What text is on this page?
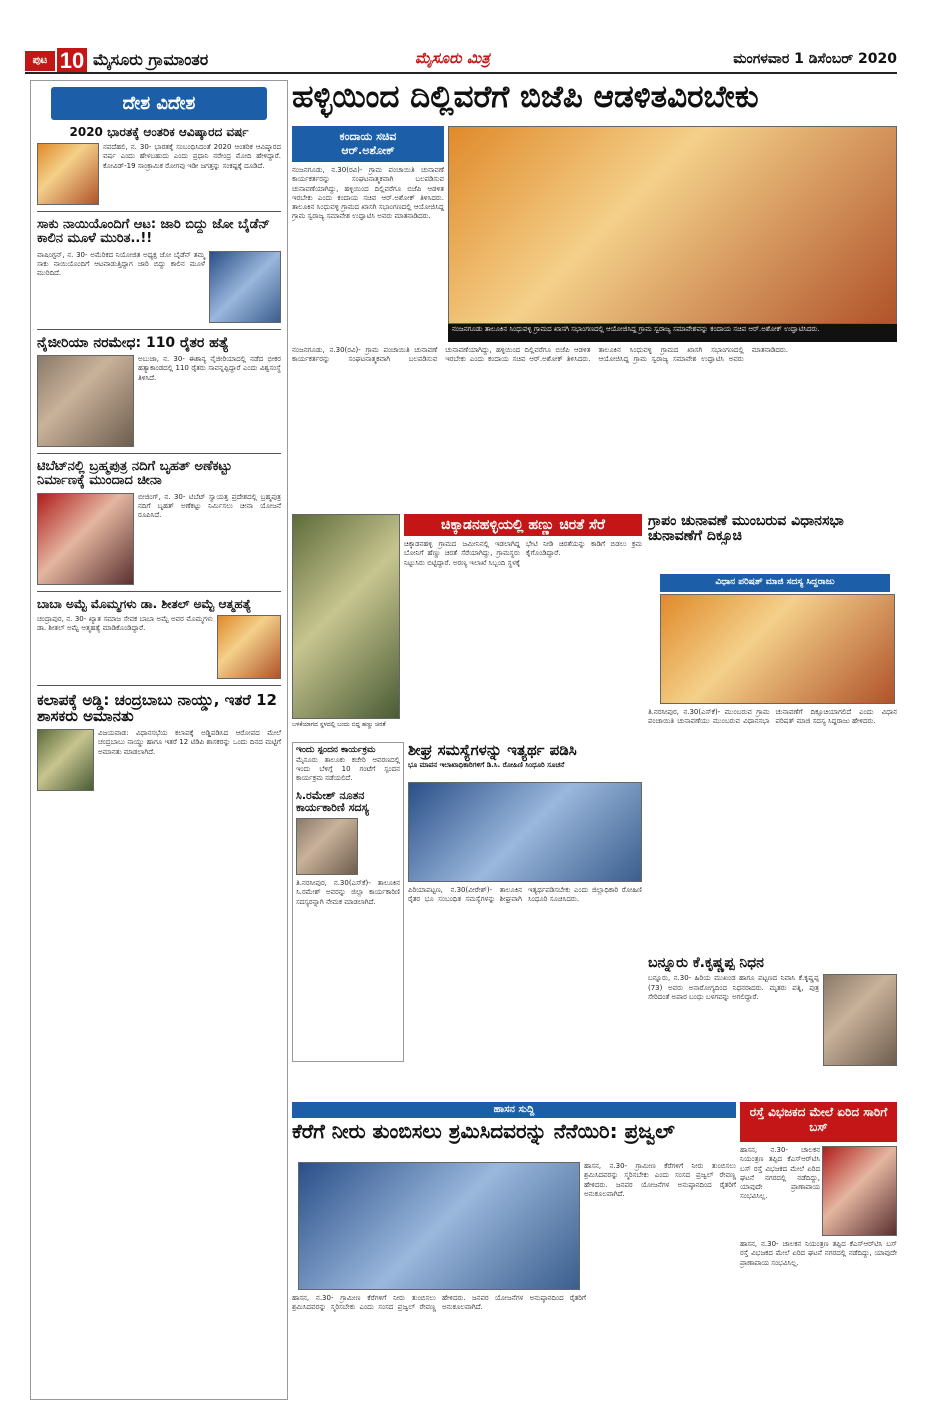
ಪುಟ 10 ಮೈಸೂರು ಗ್ರಾಮಾಂತರ	ಮೈಸೂರು ಮಿತ್ರ	ಮಂಗಳವಾರ 1 ಡಿಸೆಂಬರ್ 2020
ದೇಶ ವಿದೇಶ
2020 ಭಾರತಕ್ಕೆ ಆಂತರಿಕ ಆವಿಷ್ಕಾರದ ವರ್ಷ
ನವದೆಹಲಿ, ನ. 30- ಭಾರತಕ್ಕೆ ಸಂಬಂಧಿಸಿದಂತೆ 2020 ಆಂತರಿಕ ಆವಿಷ್ಕಾರದ ವರ್ಷ ಎಂದು ಹೇಳಬಹುದು ಎಂದು ಪ್ರಧಾನಿ ನರೇಂದ್ರ ಮೋದಿ ಹೇಳಿದ್ದಾರೆ. ಕೋವಿಡ್-19 ಸಾಂಕ್ರಾಮಿಕ ರೋಗವು ಇಡೀ ಜಗತ್ತನ್ನು ಸಂಕಷ್ಟಕ್ಕೆ ದೂಡಿದೆ.
ಸಾಕು ನಾಯಿಯೊಂದಿಗೆ ಆಟ: ಜಾರಿ ಬಿದ್ದು ಜೋ ಬೈಡೆನ್ ಕಾಲಿನ ಮೂಳೆ ಮುರಿತ..!!
ವಾಷಿಂಗ್ಟನ್, ನ. 30- ಅಮೆರಿಕದ ನಿಯೋಜಿತ ಅಧ್ಯಕ್ಷ ಜೋ ಬೈಡೆನ್ ತಮ್ಮ ಸಾಕು ನಾಯಿಯೊಂದಿಗೆ ಆಟವಾಡುತ್ತಿದ್ದಾಗ ಜಾರಿ ಬಿದ್ದು ಕಾಲಿನ ಮೂಳೆ ಮುರಿದಿದೆ.
ನೈಜೀರಿಯಾ ನರಮೇಧ: 110 ರೈತರ ಹತ್ಯೆ
ಅಬುಜಾ, ನ. 30- ಈಶಾನ್ಯ ನೈಜೀರಿಯಾದಲ್ಲಿ ನಡೆದ ಭೀಕರ ಹತ್ಯಾಕಾಂಡದಲ್ಲಿ 110 ರೈತರು ಸಾವನ್ನಪ್ಪಿದ್ದಾರೆ ಎಂದು ವಿಶ್ವಸಂಸ್ಥೆ ತಿಳಿಸಿದೆ.
ಟಿಬೆಟ್‌ನಲ್ಲಿ ಬ್ರಹ್ಮಪುತ್ರ ನದಿಗೆ ಬೃಹತ್ ಅಣೆಕಟ್ಟು ನಿರ್ಮಾಣಕ್ಕೆ ಮುಂದಾದ ಚೀನಾ
ಬೀಜಿಂಗ್, ನ. 30- ಟಿಬೆಟ್ ಸ್ವಾಯತ್ತ ಪ್ರದೇಶದಲ್ಲಿ ಬ್ರಹ್ಮಪುತ್ರ ನದಿಗೆ ಬೃಹತ್ ಅಣೆಕಟ್ಟು ನಿರ್ಮಿಸಲು ಚೀನಾ ಯೋಜನೆ ರೂಪಿಸಿದೆ.
ಬಾಬಾ ಅಮ್ಟೆ ಮೊಮ್ಮಗಳು ಡಾ. ಶೀತಲ್ ಅಮ್ಟೆ ಆತ್ಮಹತ್ಯೆ
ಚಂದ್ರಾಪುರ, ನ. 30- ಖ್ಯಾತ ಸಮಾಜ ಸೇವಕ ಬಾಬಾ ಅಮ್ಟೆ ಅವರ ಮೊಮ್ಮಗಳು ಡಾ. ಶೀತಲ್ ಅಮ್ಟೆ ಆತ್ಮಹತ್ಯೆ ಮಾಡಿಕೊಂಡಿದ್ದಾರೆ.
ಕಲಾಪಕ್ಕೆ ಅಡ್ಡಿ: ಚಂದ್ರಬಾಬು ನಾಯ್ಡು, ಇತರೆ 12 ಶಾಸಕರು ಅಮಾನತು
ವಿಜಯವಾಡ: ವಿಧಾನಸಭೆಯ ಕಲಾಪಕ್ಕೆ ಅಡ್ಡಿಪಡಿಸಿದ ಆರೋಪದ ಮೇಲೆ ಚಂದ್ರಬಾಬು ನಾಯ್ಡು ಹಾಗೂ ಇತರೆ 12 ಟಿಡಿಪಿ ಶಾಸಕರನ್ನು ಒಂದು ದಿನದ ಮಟ್ಟಿಗೆ ಅಮಾನತು ಮಾಡಲಾಗಿದೆ.
ಹಳ್ಳಿಯಿಂದ ದಿಲ್ಲಿವರೆಗೆ ಬಿಜೆಪಿ ಆಡಳಿತವಿರಬೇಕು
ಕಂದಾಯ ಸಚಿವ
ಆರ್.ಅಶೋಕ್
ನಂಜನಗೂಡು, ನ.30(ರವಿ)- ಗ್ರಾಮ ಪಂಚಾಯಿತಿ ಚುನಾವಣೆ ಕಾರ್ಯಕರ್ತರನ್ನು ಸಂಘಟನಾತ್ಮಕವಾಗಿ ಬಲಪಡಿಸುವ ಚುನಾವಣೆಯಾಗಿದ್ದು, ಹಳ್ಳಿಯಿಂದ ದಿಲ್ಲಿವರೆಗೂ ಬಿಜೆಪಿ ಆಡಳಿತ ಇರಬೇಕು ಎಂದು ಕಂದಾಯ ಸಚಿವ ಆರ್.ಅಶೋಕ್ ತಿಳಿಸಿದರು. ತಾಲೂಕಿನ ಸಿಂಧುವಳ್ಳಿ ಗ್ರಾಮದ ಖಾಸಗಿ ಸಭಾಂಗಣದಲ್ಲಿ ಆಯೋಜಿಸಿದ್ದ ಗ್ರಾಮ ಸ್ವರಾಜ್ಯ ಸಮಾವೇಶ ಉದ್ಘಾಟಿಸಿ ಅವರು ಮಾತನಾಡಿದರು.
ನಂಜನಗೂಡು ತಾಲೂಕಿನ ಸಿಂಧುವಳ್ಳಿ ಗ್ರಾಮದ ಖಾಸಗಿ ಸಭಾಂಗಣದಲ್ಲಿ ಆಯೋಜಿಸಿದ್ದ ಗ್ರಾಮ ಸ್ವರಾಜ್ಯ ಸಮಾವೇಶವನ್ನು ಕಂದಾಯ ಸಚಿವ ಆರ್.ಅಶೋಕ್ ಉದ್ಘಾಟಿಸಿದರು.
ನಂಜನಗೂಡು, ನ.30(ರವಿ)- ಗ್ರಾಮ ಪಂಚಾಯಿತಿ ಚುನಾವಣೆ ಕಾರ್ಯಕರ್ತರನ್ನು ಸಂಘಟನಾತ್ಮಕವಾಗಿ ಬಲಪಡಿಸುವ ಚುನಾವಣೆಯಾಗಿದ್ದು, ಹಳ್ಳಿಯಿಂದ ದಿಲ್ಲಿವರೆಗೂ ಬಿಜೆಪಿ ಆಡಳಿತ ಇರಬೇಕು ಎಂದು ಕಂದಾಯ ಸಚಿವ ಆರ್.ಅಶೋಕ್ ತಿಳಿಸಿದರು. ತಾಲೂಕಿನ ಸಿಂಧುವಳ್ಳಿ ಗ್ರಾಮದ ಖಾಸಗಿ ಸಭಾಂಗಣದಲ್ಲಿ ಆಯೋಜಿಸಿದ್ದ ಗ್ರಾಮ ಸ್ವರಾಜ್ಯ ಸಮಾವೇಶ ಉದ್ಘಾಟಿಸಿ ಅವರು ಮಾತನಾಡಿದರು.
ಬಳಕೆಯಾಗದ ಸ್ಥಳದಲ್ಲಿ ಬಂದು ಬಿದ್ದ ಹಣ್ಣು ಚಿರತೆ
ಚಿಕ್ಕಾಡನಹಳ್ಳಿಯಲ್ಲಿ ಹಣ್ಣು ಚಿರತೆ ಸೆರೆ
ಚಿಕ್ಕಾಡನಹಳ್ಳಿ ಗ್ರಾಮದ ಜಮೀನಿನಲ್ಲಿ ಇಡಲಾಗಿದ್ದ ಬೋನಿಗೆ ಹೆಣ್ಣು ಚಿರತೆ ಸೆರೆಯಾಗಿದ್ದು, ಗ್ರಾಮಸ್ಥರು ನಿಟ್ಟುಸಿರು ಬಿಟ್ಟಿದ್ದಾರೆ. ಅರಣ್ಯ ಇಲಾಖೆ ಸಿಬ್ಬಂದಿ ಸ್ಥಳಕ್ಕೆ ಭೇಟಿ ನೀಡಿ ಚಿರತೆಯನ್ನು ಕಾಡಿಗೆ ಬಿಡಲು ಕ್ರಮ ಕೈಗೊಂಡಿದ್ದಾರೆ.
ಗ್ರಾಪಂ ಚುನಾವಣೆ ಮುಂಬರುವ ವಿಧಾನಸಭಾ ಚುನಾವಣೆಗೆ ದಿಕ್ಸೂಚಿ
ವಿಧಾನ ಪರಿಷತ್ ಮಾಜಿ ಸದಸ್ಯ ಸಿದ್ದರಾಜು
ತಿ.ನರಸೀಪುರ, ನ.30(ಎಸ್‌ಕೆ)- ಮುಂಬರುವ ಗ್ರಾಮ ಪಂಚಾಯಿತಿ ಚುನಾವಣೆಯು ಮುಂಬರುವ ವಿಧಾನಸಭಾ ಚುನಾವಣೆಗೆ ದಿಕ್ಸೂಚಿಯಾಗಲಿದೆ ಎಂದು ವಿಧಾನ ಪರಿಷತ್ ಮಾಜಿ ಸದಸ್ಯ ಸಿದ್ದರಾಜು ಹೇಳಿದರು.
ಇಂದು ಸ್ಪಂದನ ಕಾರ್ಯಕ್ರಮ
ಮೈಸೂರು ತಾಲೂಕು ಕಚೇರಿ ಆವರಣದಲ್ಲಿ ಇಂದು ಬೆಳಿಗ್ಗೆ 10 ಗಂಟೆಗೆ ಸ್ಪಂದನ ಕಾರ್ಯಕ್ರಮ ನಡೆಯಲಿದೆ.
ಸಿ.ರಮೇಶ್ ನೂತನ ಕಾರ್ಯಕಾರಿಣಿ ಸದಸ್ಯ
ತಿ.ನರಸೀಪುರ, ನ.30(ಎಸ್‌ಕೆ)- ತಾಲೂಕಿನ ಸಿ.ರಮೇಶ್ ಅವರನ್ನು ಜಿಲ್ಲಾ ಕಾರ್ಯಕಾರಿಣಿ ಸದಸ್ಯರನ್ನಾಗಿ ನೇಮಕ ಮಾಡಲಾಗಿದೆ.
ಶೀಘ್ರ ಸಮಸ್ಯೆಗಳನ್ನು ಇತ್ಯರ್ಥ ಪಡಿಸಿ
ಭೂ ಮಾಪನ ಇಲಾಖಾಧಿಕಾರಿಗಳಿಗೆ ಡಿ.ಸಿ. ರೋಹಿಣಿ ಸಿಂಧೂರಿ ಸೂಚನೆ
ಪಿರಿಯಾಪಟ್ಟಣ, ನ.30(ವೀರೇಶ್)- ತಾಲೂಕಿನ ರೈತರ ಭೂ ಸಂಬಂಧಿತ ಸಮಸ್ಯೆಗಳನ್ನು ಶೀಘ್ರವಾಗಿ ಇತ್ಯರ್ಥಪಡಿಸಬೇಕು ಎಂದು ಜಿಲ್ಲಾಧಿಕಾರಿ ರೋಹಿಣಿ ಸಿಂಧೂರಿ ಸೂಚಿಸಿದರು.
ಬನ್ನೂರು ಕೆ.ಕೃಷ್ಣಪ್ಪ ನಿಧನ
ಬನ್ನೂರು, ನ.30- ಹಿರಿಯ ಮುಖಂಡ ಹಾಗೂ ಪಟ್ಟಣದ ನಿವಾಸಿ ಕೆ.ಕೃಷ್ಣಪ್ಪ (73) ಅವರು ಅನಾರೋಗ್ಯದಿಂದ ನಿಧನರಾದರು. ಮೃತರು ಪತ್ನಿ, ಪುತ್ರ ಸೇರಿದಂತೆ ಅಪಾರ ಬಂಧು ಬಳಗವನ್ನು ಅಗಲಿದ್ದಾರೆ.
ಹಾಸನ ಸುದ್ದಿ
ಕೆರೆಗೆ ನೀರು ತುಂಬಿಸಲು ಶ್ರಮಿಸಿದವರನ್ನು ನೆನೆಯಿರಿ: ಪ್ರಜ್ವಲ್
ಹಾಸನ, ನ.30- ಗ್ರಾಮೀಣ ಕೆರೆಗಳಿಗೆ ನೀರು ತುಂಬಿಸಲು ಶ್ರಮಿಸಿದವರನ್ನು ಸ್ಮರಿಸಬೇಕು ಎಂದು ಸಂಸದ ಪ್ರಜ್ವಲ್ ರೇವಣ್ಣ ಹೇಳಿದರು. ಜನಪರ ಯೋಜನೆಗಳ ಅನುಷ್ಠಾನದಿಂದ ರೈತರಿಗೆ ಅನುಕೂಲವಾಗಿದೆ.
ಹಾಸನ, ನ.30- ಗ್ರಾಮೀಣ ಕೆರೆಗಳಿಗೆ ನೀರು ತುಂಬಿಸಲು ಶ್ರಮಿಸಿದವರನ್ನು ಸ್ಮರಿಸಬೇಕು ಎಂದು ಸಂಸದ ಪ್ರಜ್ವಲ್ ರೇವಣ್ಣ ಹೇಳಿದರು. ಜನಪರ ಯೋಜನೆಗಳ ಅನುಷ್ಠಾನದಿಂದ ರೈತರಿಗೆ ಅನುಕೂಲವಾಗಿದೆ.
ರಸ್ತೆ ವಿಭಜಕದ ಮೇಲೆ ಏರಿದ ಸಾರಿಗೆ ಬಸ್
ಹಾಸನ, ನ.30- ಚಾಲಕನ ನಿಯಂತ್ರಣ ತಪ್ಪಿದ ಕೆಎಸ್‌ಆರ್‌ಟಿಸಿ ಬಸ್ ರಸ್ತೆ ವಿಭಜಕದ ಮೇಲೆ ಏರಿದ ಘಟನೆ ನಗರದಲ್ಲಿ ನಡೆದಿದ್ದು, ಯಾವುದೇ ಪ್ರಾಣಾಪಾಯ ಸಂಭವಿಸಿಲ್ಲ.
ಹಾಸನ, ನ.30- ಚಾಲಕನ ನಿಯಂತ್ರಣ ತಪ್ಪಿದ ಕೆಎಸ್‌ಆರ್‌ಟಿಸಿ ಬಸ್ ರಸ್ತೆ ವಿಭಜಕದ ಮೇಲೆ ಏರಿದ ಘಟನೆ ನಗರದಲ್ಲಿ ನಡೆದಿದ್ದು, ಯಾವುದೇ ಪ್ರಾಣಾಪಾಯ ಸಂಭವಿಸಿಲ್ಲ.
